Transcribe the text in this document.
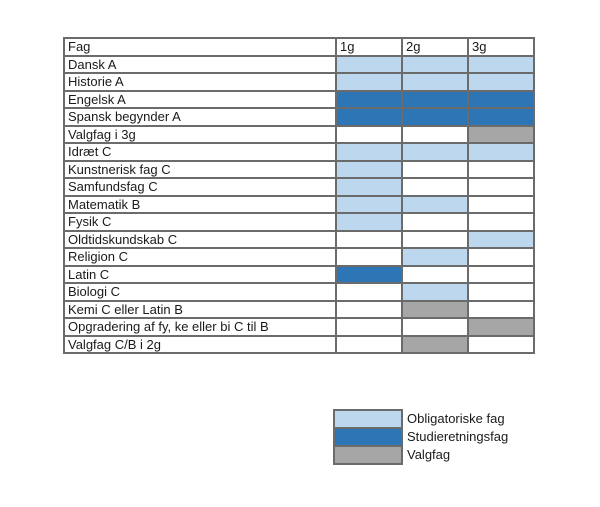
Fag	1g	2g	3g
Dansk A			
Historie A			
Engelsk A			
Spansk begynder A			
Valgfag i 3g			
Idræt C			
Kunstnerisk fag C			
Samfundsfag C			
Matematik B			
Fysik C			
Oldtidskundskab C			
Religion C			
Latin C			
Biologi C			
Kemi C eller Latin B			
Opgradering af fy, ke eller bi C til B			
Valgfag C/B i 2g			
	Obligatoriske fag
	Studieretningsfag
	Valgfag
